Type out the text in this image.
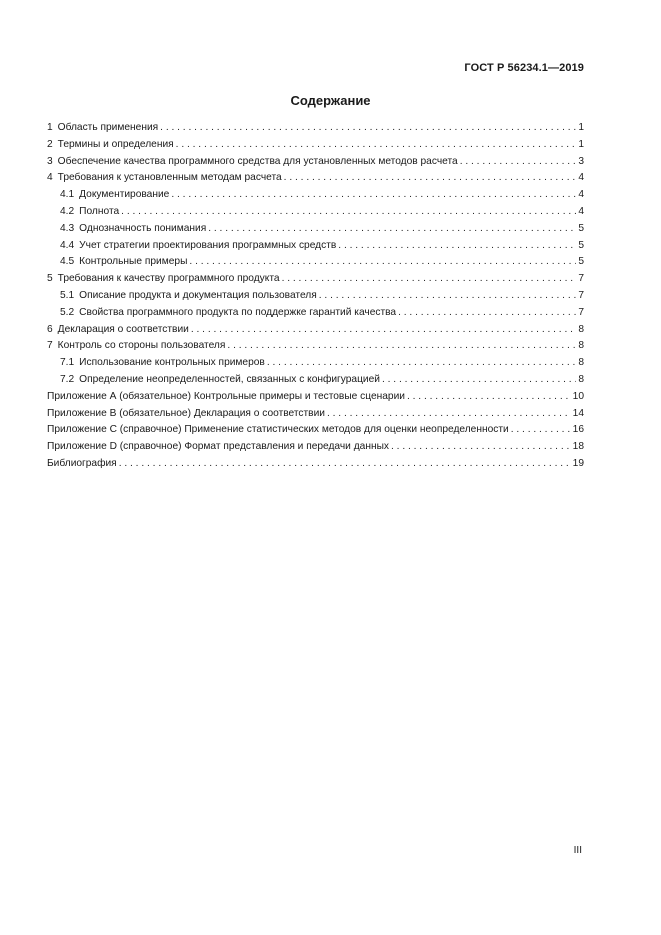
ГОСТ Р 56234.1—2019
Содержание
1 Область применения . . .	1
2 Термины и определения . . .	1
3 Обеспечение качества программного средства для установленных методов расчета . . .	3
4 Требования к установленным методам расчета . . .	4
4.1 Документирование . . .	4
4.2 Полнота . . .	4
4.3 Однозначность понимания . . .	5
4.4 Учет стратегии проектирования программных средств . . .	5
4.5 Контрольные примеры . . .	5
5 Требования к качеству программного продукта . . .	7
5.1 Описание продукта и документация пользователя . . .	7
5.2 Свойства программного продукта по поддержке гарантий качества . . .	7
6 Декларация о соответствии . . .	8
7 Контроль со стороны пользователя . . .	8
7.1 Использование контрольных примеров . . .	8
7.2 Определение неопределенностей, связанных с конфигурацией . . .	8
Приложение А (обязательное) Контрольные примеры и тестовые сценарии . . .	10
Приложение В (обязательное) Декларация о соответствии . . .	14
Приложение С (справочное) Применение статистических методов для оценки неопределенности . . .	16
Приложение D (справочное) Формат представления и передачи данных . . .	18
Библиография . . .	19
III
